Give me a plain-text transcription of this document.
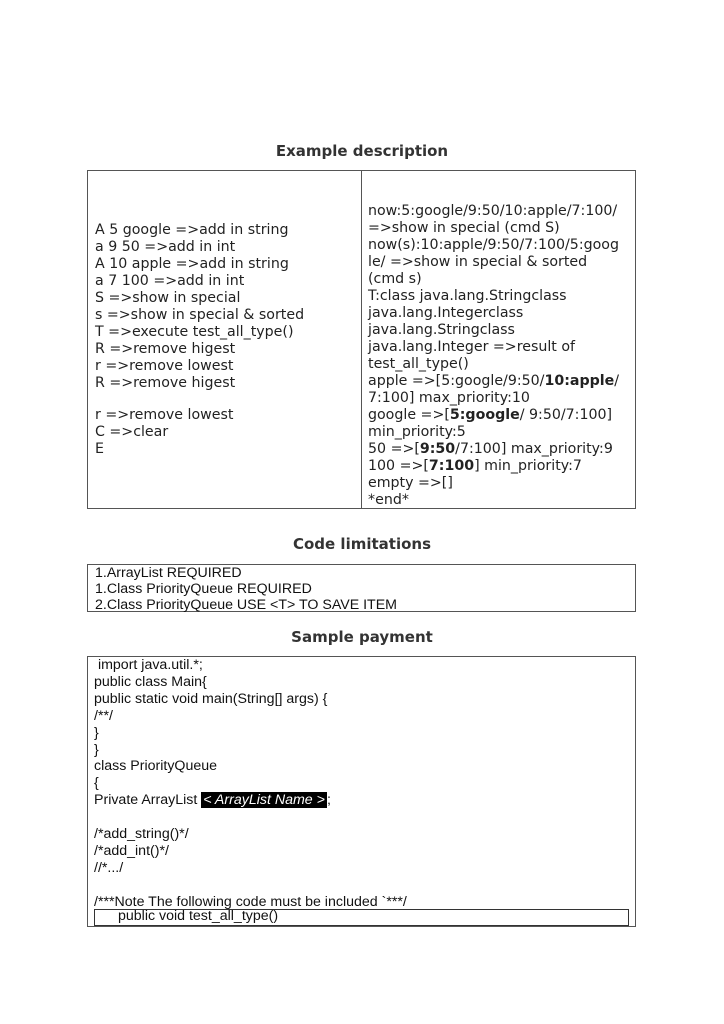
Example description
A 5 google =>add in string
a 9 50 =>add in int
A 10 apple =>add in string
a 7 100 =>add in int
S =>show in special
s =>show in special & sorted
T =>execute test_all_type()
R =>remove higest
r =>remove lowest
R =>remove higest
r =>remove lowest
C =>clear
E
now:5:google/9:50/10:apple/7:100/
=>show in special (cmd S)
now(s):10:apple/9:50/7:100/5:goog
le/ =>show in special & sorted
(cmd s)
T:class java.lang.Stringclass
java.lang.Integerclass
java.lang.Stringclass
java.lang.Integer =>result of
test_all_type()
apple =>[5:google/9:50/10:apple/
7:100] max_priority:10
google =>[5:google/ 9:50/7:100]
min_priority:5
50 =>[9:50/7:100] max_priority:9
100 =>[7:100] min_priority:7
empty =>[]
*end*
Code limitations
1.ArrayList REQUIRED
1.Class PriorityQueue REQUIRED
2.Class PriorityQueue USE <T> TO SAVE ITEM
Sample payment
import java.util.*;
public class Main{
public static void main(String[] args) {
/**/
}
}
class PriorityQueue
{
Private ArrayList < ArrayList Name > ;

/*add_string()*/
/*add_int()*/
//*.../

/***Note The following code must be included `***/
public void test_all_type()
